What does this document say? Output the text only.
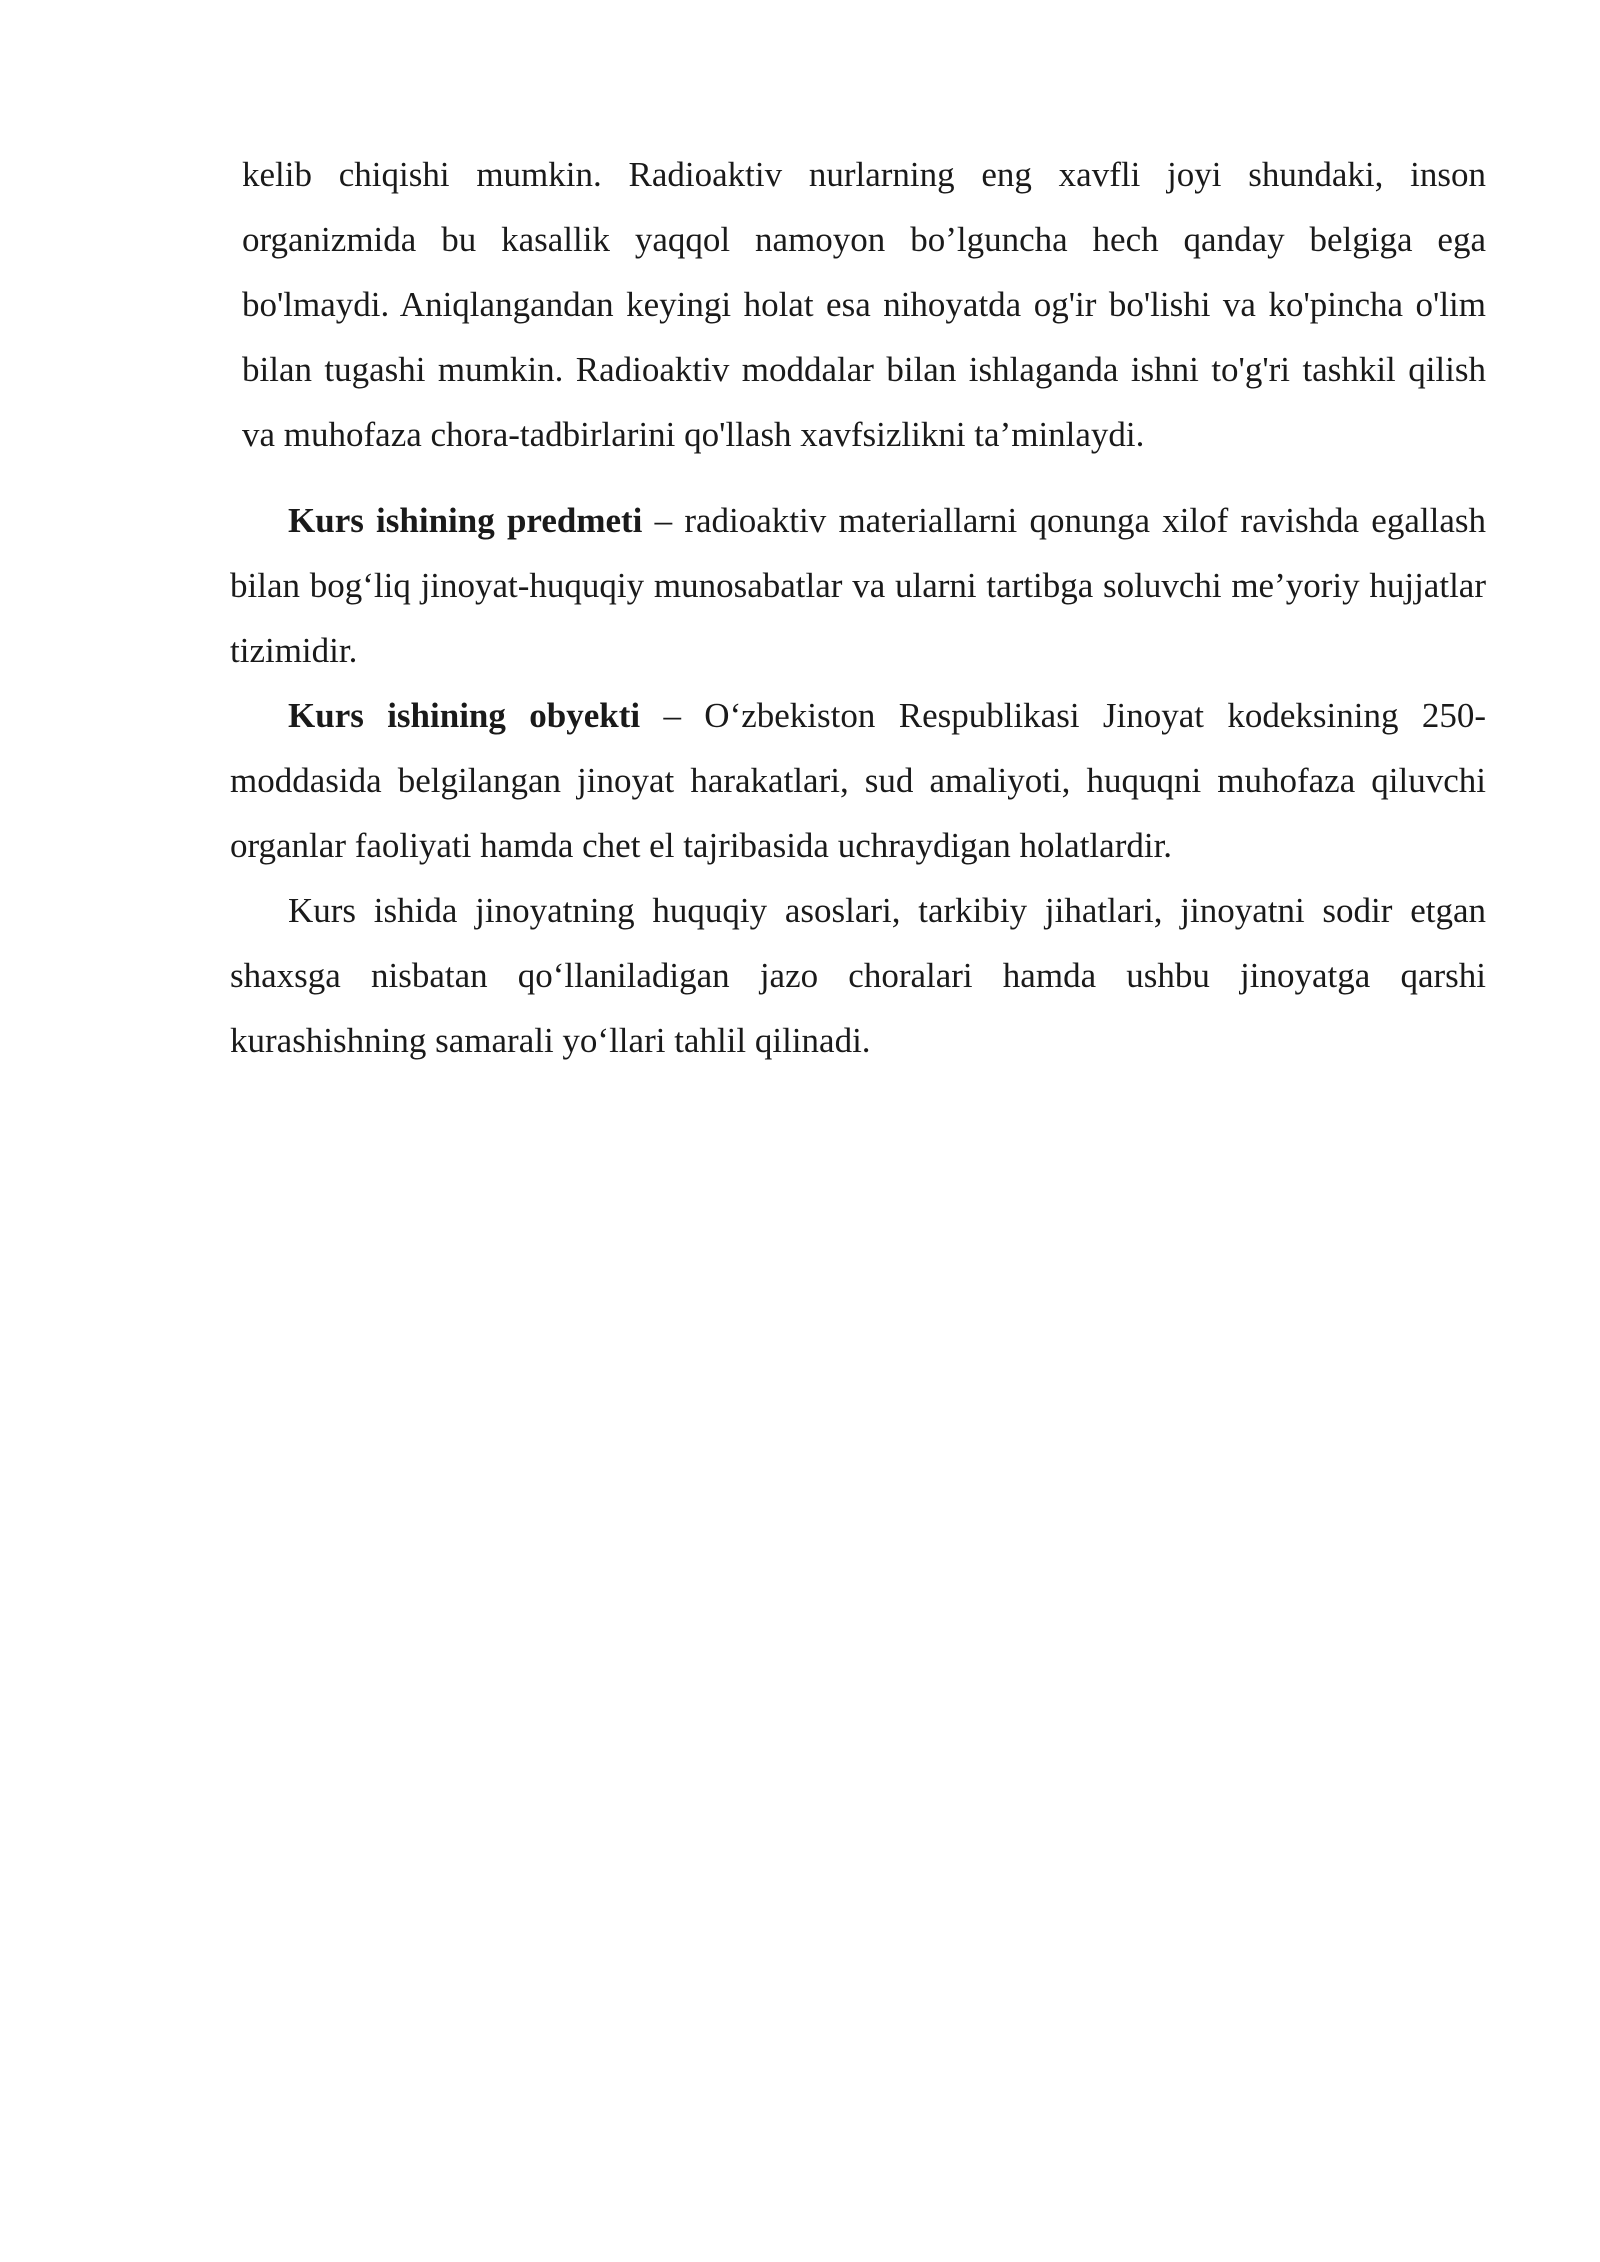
kelib chiqishi mumkin. Radioaktiv nurlarning eng xavfli joyi shundaki, inson organizmida bu kasallik yaqqol namoyon bo’lguncha hech qanday belgiga ega bo'lmaydi. Aniqlangandan keyingi holat esa nihoyatda og'ir bo'lishi va ko'pincha o'lim bilan tugashi mumkin. Radioaktiv moddalar bilan ishlaganda ishni to'g'ri tashkil qilish va muhofaza chora-tadbirlarini qo'llash xavfsizlikni ta’minlaydi.

Kurs ishining predmeti – radioaktiv materiallarni qonunga xilof ravishda egallash bilan bog‘liq jinoyat-huquqiy munosabatlar va ularni tartibga soluvchi me’yoriy hujjatlar tizimidir.

Kurs ishining obyekti – O‘zbekiston Respublikasi Jinoyat kodeksining 250-moddasida belgilangan jinoyat harakatlari, sud amaliyoti, huquqni muhofaza qiluvchi organlar faoliyati hamda chet el tajribasida uchraydigan holatlardir.

Kurs ishida jinoyatning huquqiy asoslari, tarkibiy jihatlari, jinoyatni sodir etgan shaxsga nisbatan qo‘llaniladigan jazo choralari hamda ushbu jinoyatga qarshi kurashishning samarali yo‘llari tahlil qilinadi.
